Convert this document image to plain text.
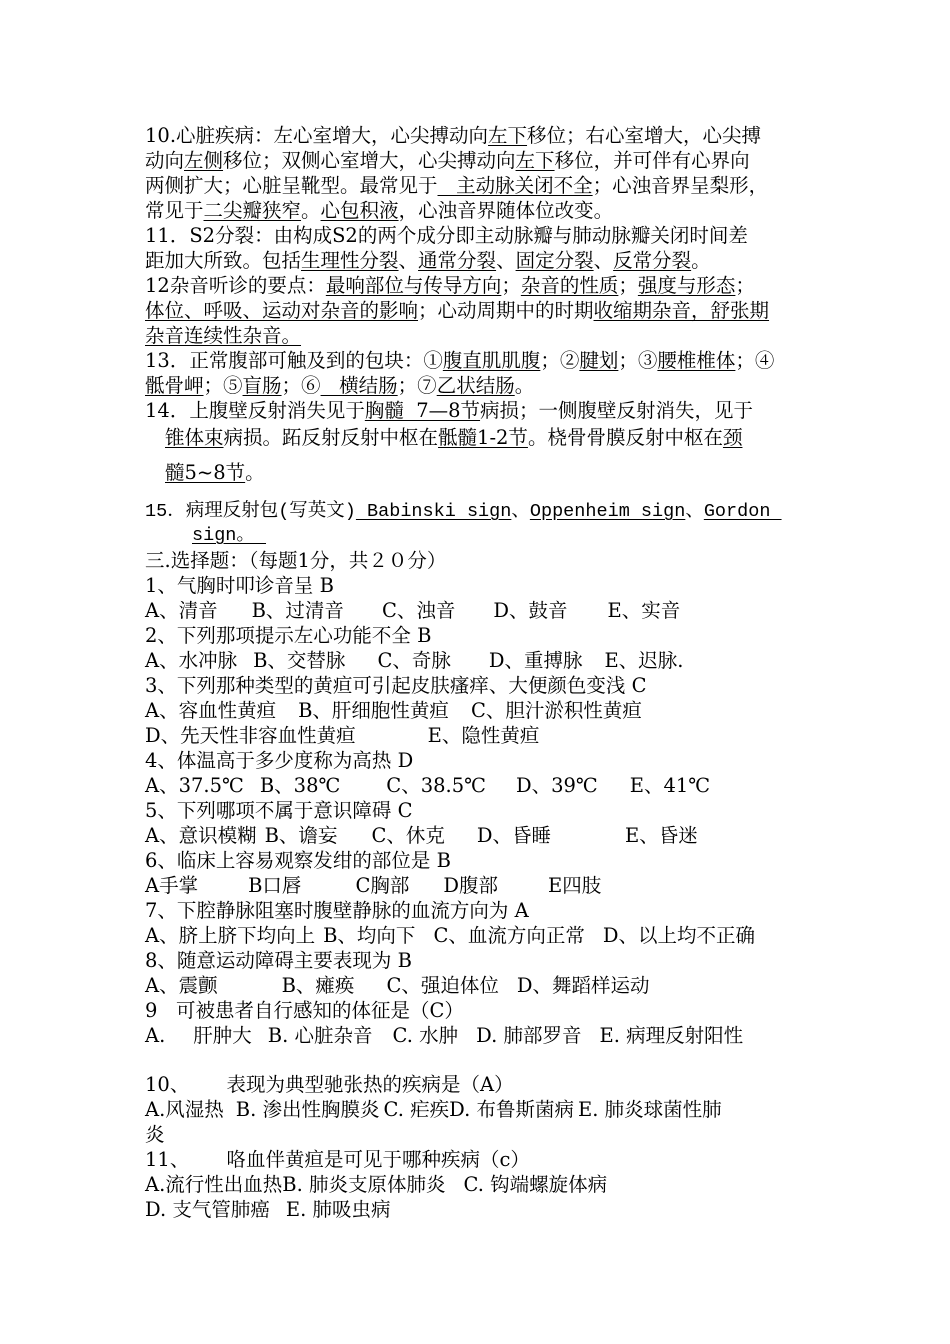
10.心脏疾病：左心室增大，心尖搏动向左下移位；右心室增大，心尖搏
动向左侧移位；双侧心室增大，心尖搏动向左下移位，并可伴有心界向
两侧扩大；心脏呈靴型。最常见于   主动脉关闭不全；心浊音界呈梨形，
常见于二尖瓣狭窄。心包积液，心浊音界随体位改变。
11．S2分裂：由构成S2的两个成分即主动脉瓣与肺动脉瓣关闭时间差
距加大所致。包括生理性分裂、通常分裂、固定分裂、反常分裂。
12杂音听诊的要点：最响部位与传导方向；杂音的性质；强度与形态；
体位、呼吸、运动对杂音的影响；心动周期中的时期收缩期杂音，舒张期
杂音连续性杂音。
13．正常腹部可触及到的包块：①腹直肌肌腹；②腱划；③腰椎椎体；④
骶骨岬；⑤盲肠；⑥   横结肠；⑦乙状结肠。
14．上腹壁反射消失见于胸髓  7—8节病损；一侧腹壁反射消失，见于
锥体束病损。跖反射反射中枢在骶髓1-2节。桡骨骨膜反射中枢在颈
髓5~8节。
15．病理反射包(写英文) Babinski sign、Oppenheim sign、Gordon
sign。
三.选择题：（每题1分，共２０分）
1、气胸时叩诊音呈 B
A、清音 B、过清音 C、浊音 D、鼓音 E、实音
2、下列那项提示左心功能不全 B
A、水冲脉 B、交替脉 C、奇脉 D、重搏脉 E、迟脉.
3、下列那种类型的黄疸可引起皮肤瘙痒、大便颜色变浅 C
A、容血性黄疸 B、肝细胞性黄疸 C、胆汁淤积性黄疸
D、先天性非容血性黄疸	E、隐性黄疸
4、体温高于多少度称为高热 D
A、37.5℃ B、38℃ C、38.5℃ D、39℃ E、41℃
5、下列哪项不属于意识障碍 C
A、意识模糊 B、谵妄 C、休克 D、昏睡	E、昏迷
6、临床上容易观察发绀的部位是 B
A手掌	B口唇	C胸部 D腹部	E四肢
7、下腔静脉阻塞时腹壁静脉的血流方向为 A
A、脐上脐下均向上 B、均向下 C、血流方向正常 D、以上均不正确
8、随意运动障碍主要表现为 B
A、震颤	B、瘫痪 C、强迫体位 D、舞蹈样运动
9   可被患者自行感知的体征是（C）
A. 肝肿大 B. 心脏杂音 C. 水肿 D. 肺部罗音 E. 病理反射阳性
10、      表现为典型驰张热的疾病是（A）
A.风湿热 B. 渗出性胸膜炎 C. 疟疾D. 布鲁斯菌病 E. 肺炎球菌性肺
炎
11、      咯血伴黄疸是可见于哪种疾病（c）
A.流行性出血热B. 肺炎支原体肺炎 C. 钩端螺旋体病
D. 支气管肺癌 E. 肺吸虫病
